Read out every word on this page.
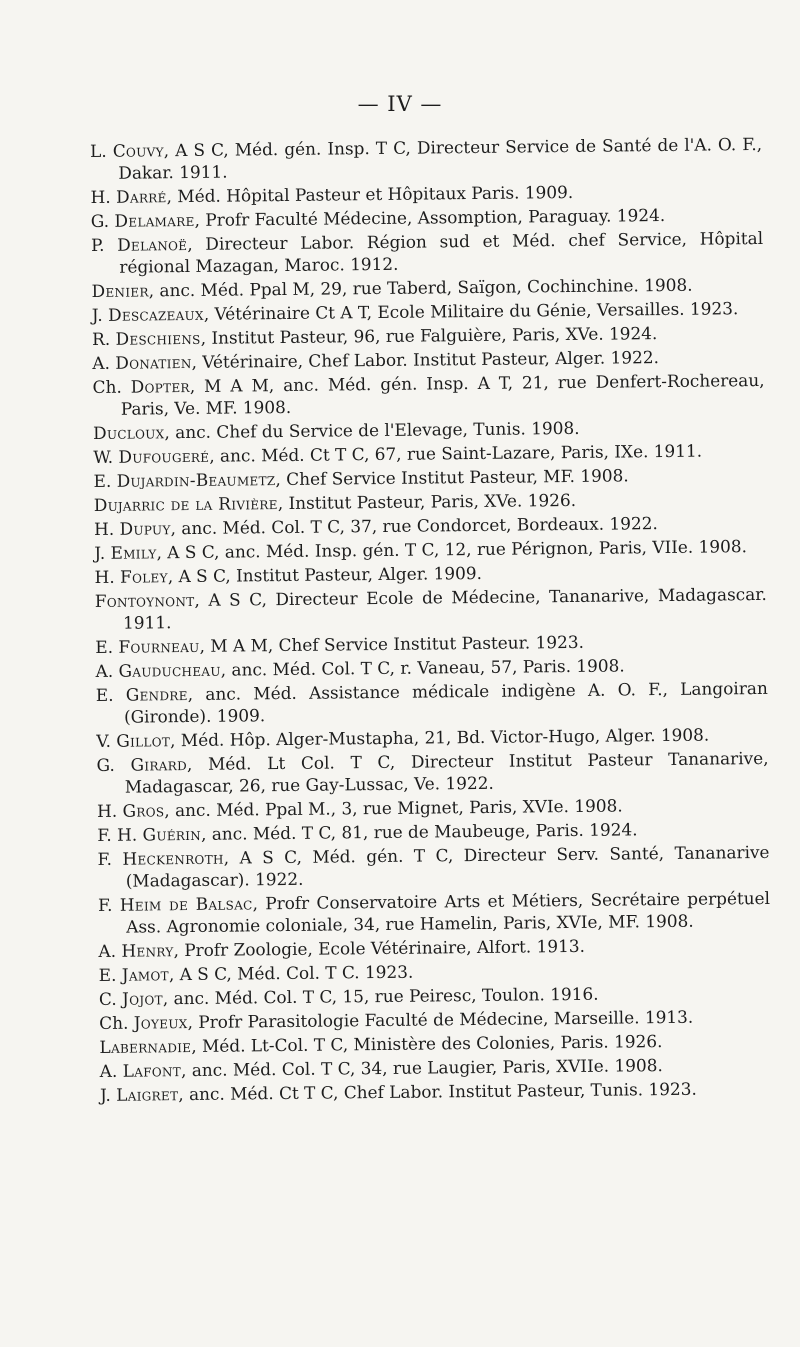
— IV —
L. Couvy, A S C, Méd. gén. Insp. T C, Directeur Service de Santé de l'A. O. F., Dakar. 1911.
H. Darré, Méd. Hôpital Pasteur et Hôpitaux Paris. 1909.
G. Delamare, Profr Faculté Médecine, Assomption, Paraguay. 1924.
P. Delanoë, Directeur Labor. Région sud et Méd. chef Service, Hôpital régional Mazagan, Maroc. 1912.
Denier, anc. Méd. Ppal M, 29, rue Taberd, Saïgon, Cochinchine. 1908.
J. Descazeaux, Vétérinaire Ct A T, Ecole Militaire du Génie, Versailles. 1923.
R. Deschiens, Institut Pasteur, 96, rue Falguière, Paris, XVe. 1924.
A. Donatien, Vétérinaire, Chef Labor. Institut Pasteur, Alger. 1922.
Ch. Dopter, M A M, anc. Méd. gén. Insp. A T, 21, rue Denfert-Rochereau, Paris, Ve. MF. 1908.
Ducloux, anc. Chef du Service de l'Elevage, Tunis. 1908.
W. Dufougeré, anc. Méd. Ct T C, 67, rue Saint-Lazare, Paris, IXe. 1911.
E. Dujardin-Beaumetz, Chef Service Institut Pasteur, MF. 1908.
Dujarric de la Rivière, Institut Pasteur, Paris, XVe. 1926.
H. Dupuy, anc. Méd. Col. T C, 37, rue Condorcet, Bordeaux. 1922.
J. Emily, A S C, anc. Méd. Insp. gén. T C, 12, rue Pérignon, Paris, VIIe. 1908.
H. Foley, A S C, Institut Pasteur, Alger. 1909.
Fontoynont, A S C, Directeur Ecole de Médecine, Tananarive, Madagascar. 1911.
E. Fourneau, M A M, Chef Service Institut Pasteur. 1923.
A. Gauducheau, anc. Méd. Col. T C, r. Vaneau, 57, Paris. 1908.
E. Gendre, anc. Méd. Assistance médicale indigène A. O. F., Langoiran (Gironde). 1909.
V. Gillot, Méd. Hôp. Alger-Mustapha, 21, Bd. Victor-Hugo, Alger. 1908.
G. Girard, Méd. Lt Col. T C, Directeur Institut Pasteur Tananarive, Madagascar, 26, rue Gay-Lussac, Ve. 1922.
H. Gros, anc. Méd. Ppal M., 3, rue Mignet, Paris, XVIe. 1908.
F. H. Guérin, anc. Méd. T C, 81, rue de Maubeuge, Paris. 1924.
F. Heckenroth, A S C, Méd. gén. T C, Directeur Serv. Santé, Tananarive (Madagascar). 1922.
F. Heim de Balsac, Profr Conservatoire Arts et Métiers, Secrétaire perpétuel Ass. Agronomie coloniale, 34, rue Hamelin, Paris, XVIe, MF. 1908.
A. Henry, Profr Zoologie, Ecole Vétérinaire, Alfort. 1913.
E. Jamot, A S C, Méd. Col. T C. 1923.
C. Jojot, anc. Méd. Col. T C, 15, rue Peiresc, Toulon. 1916.
Ch. Joyeux, Profr Parasitologie Faculté de Médecine, Marseille. 1913.
Labernadie, Méd. Lt-Col. T C, Ministère des Colonies, Paris. 1926.
A. Lafont, anc. Méd. Col. T C, 34, rue Laugier, Paris, XVIIe. 1908.
J. Laigret, anc. Méd. Ct T C, Chef Labor. Institut Pasteur, Tunis. 1923.
